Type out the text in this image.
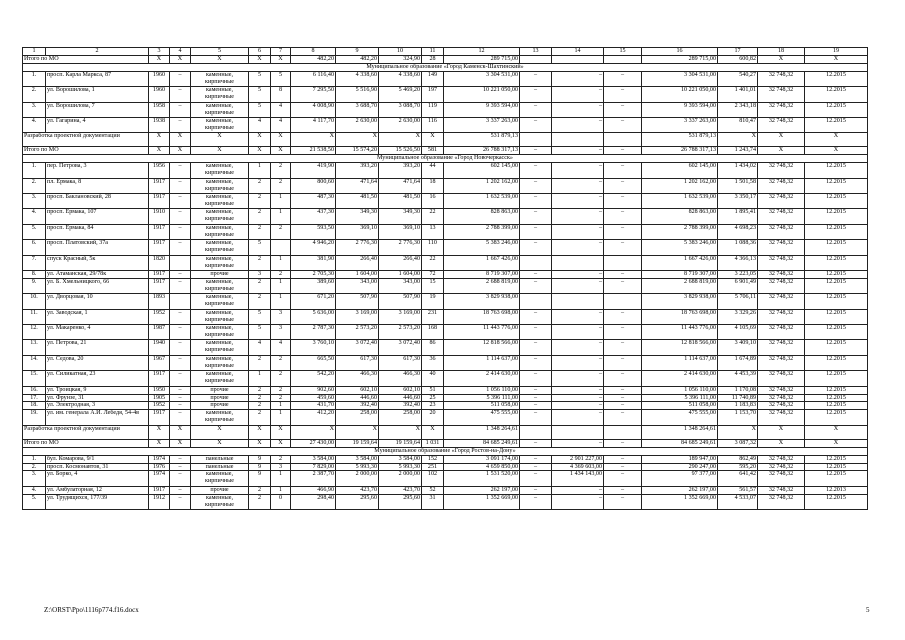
1	2	3	4	5	6	7	8	9	10	11	12	13	14	15	16	17	18	19
Итого по МО		X	X	X	X	X	482,20	482,20	324,90	28	289 715,00				289 715,00	600,82	X	X
Муниципальное образование «Город Каменск-Шахтинский»																		
1.	просп. Карла Маркса, 87	1960	–	каменные, кирпичные	5	5	6 116,40	4 338,60	4 338,60	149	3 304 531,00	–	–	–	3 304 531,00	540,27	32 748,32	12.2015
2.	ул. Ворошилова, 1	1960	–	каменные, кирпичные	5	8	7 295,50	5 516,90	5 469,20	197	10 221 050,00	–	–	–	10 221 050,00	1 401,01	32 748,32	12.2015
3.	ул. Ворошилова, 7	1958	–	каменные, кирпичные	5	4	4 008,90	3 688,70	3 088,70	119	9 393 594,00	–	–	–	9 393 594,00	2 343,18	32 748,32	12.2015
4.	ул. Гагарина, 4	1938	–	каменные, кирпичные	4	4	4 117,70	2 630,00	2 630,00	116	3 337 263,00	–	–	–	3 337 263,00	810,47	32 748,32	12.2015
Разработка проектной документации		X	X	X	X	X	X	X	X	X	531 879,13				531 879,13	X	X	X
Итого по МО		X	X	X	X	X	21 538,50	15 574,20	15 526,50	581	26 788 317,13	–	–	–	26 788 317,13	1 243,74	X	X
Муниципальное образование «Город Новочеркасск»																		
1.	пер. Петрова, 3	1956	–	каменные, кирпичные	1	2	419,90	393,20	393,20	44	602 145,00	–	–	–	602 145,00	1 434,02	32 748,32	12.2015
2.	пл. Ермака, 8	1917	–	каменные, кирпичные	2	2	800,60	471,64	471,64	18	1 202 162,00	–	–	–	1 202 162,00	1 501,58	32 748,32	12.2015
3.	просп. Баклановский, 28	1917	–	каменные, кирпичные	2	1	487,30	481,50	481,50	16	1 632 539,00	–	–	–	1 632 539,00	3 350,17	32 748,32	12.2015
4.	просп. Ермака, 107	1910	–	каменные, кирпичные	2	1	437,30	349,30	349,30	22	828 863,00	–	–	–	828 863,00	1 895,41	32 748,32	12.2015
5.	просп. Ермака, 84	1917	–	каменные, кирпичные	2	2	593,50	369,10	369,10	13	2 788 399,00	–	–	–	2 788 399,00	4 698,23	32 748,32	12.2015
6.	просп. Платовский, 37а	1917	–	каменные, кирпичные	5		4 946,20	2 776,30	2 776,30	110	5 383 246,00	–	–	–	5 383 246,00	1 088,36	32 748,32	12.2015
7.	спуск Красный, 5к	1820		каменные, кирпичные	2	1	381,90	266,40	266,40	22	1 667 426,00				1 667 426,00	4 366,13	32 748,32	12.2015
8.	ул. Атаманская, 29/78к	1917	–	прочие	3	2	2 705,30	1 604,00	1 604,00	72	8 719 307,00	–	–	–	8 719 307,00	3 223,05	32 748,32	12.2015
9.	ул. Б. Хмельницкого, 66	1917	–	каменные, кирпичные	2	1	389,60	343,00	343,00	15	2 688 819,00	–	–	–	2 688 819,00	6 901,49	32 748,32	12.2015
10.	ул. Дворцовая, 10	1893		каменные, кирпичные	2	1	671,20	507,90	507,90	19	3 829 938,00				3 829 938,00	5 706,11	32 748,32	12.2015
11.	ул. Заводская, 1	1952	–	каменные, кирпичные	5	3	5 636,00	3 169,00	3 169,00	231	18 763 698,00	–	–	–	18 763 698,00	3 329,26	32 748,32	12.2015
12.	ул. Макаренко, 4	1987	–	каменные, кирпичные	5	3	2 787,30	2 573,20	2 573,20	168	11 443 776,00	–	–	–	11 443 776,00	4 105,69	32 748,32	12.2015
13.	ул. Петрова, 21	1940	–	каменные, кирпичные	4	4	3 760,10	3 072,40	3 072,40	86	12 818 566,00	–	–	–	12 818 566,00	3 409,10	32 748,32	12.2015
14.	ул. Седова, 20	1967	–	каменные, кирпичные	2	2	665,50	617,30	617,30	36	1 114 637,00	–	–	–	1 114 637,00	1 674,89	32 748,32	12.2015
15.	ул. Силикатная, 23	1917	–	каменные, кирпичные	1	2	542,20	466,30	466,30	40	2 414 630,00	–	–	–	2 414 630,00	4 453,39	32 748,32	12.2015
16.	ул. Троицкая, 9	1950	–	прочие	2	2	902,60	602,10	602,10	51	1 056 110,00	–	–	–	1 056 110,00	1 170,08	32 748,32	12.2015
17.	ул. Фрунзе, 31	1905	–	прочие	2	2	459,60	446,60	446,60	25	5 396 111,00	–	–	–	5 396 111,00	11 740,89	32 748,32	12.2015
18.	ул. Электродная, 3	1952	–	прочие	2	1	431,70	392,40	392,40	23	511 058,00	–	–	–	511 058,00	1 183,83	32 748,32	12.2015
19.	ул. им. генерала А.И. Лебедя, 54-4в	1917	–	каменные, кирпичные	2	1	412,20	258,00	258,00	20	475 555,00	–	–	–	475 555,00	1 153,70	32 748,32	12.2015
Разработка проектной документации		X	X	X	X	X	X	X	X	X	1 348 264,61				1 348 264,61	X	X	X
Итого по МО		X	X	X	X	X	27 430,00	19 159,64	19 159,64	1 031	84 685 249,61	–	–	–	84 685 249,61	3 087,32	X	X
Муниципальное образование «Город Ростов-на-Дону»																		
1.	бул. Комарова, 9/1	1974	–	панельные	9	2	3 584,00	3 584,00	3 584,00	152	3 091 174,00	–	2 901 227,00	–	189 947,00	862,49	32 748,32	12.2015
2.	просп. Космонавтов, 31	1976	–	панельные	9	3	7 829,00	5 993,30	5 993,30	251	4 659 850,00	–	4 369 603,00	–	290 247,00	595,20	32 748,32	12.2015
3.	ул. Борко, 4	1974	–	каменные, кирпичные	9	1	2 387,70	2 000,00	2 000,00	102	1 531 520,00	–	1 434 143,00	–	97 377,00	641,42	32 748,32	12.2015
4.	ул. Амбулаторная, 12	1917	–	прочие	2	1	466,90	423,70	423,70	52	262 197,00	–	–	–	262 197,00	561,57	32 748,32	12.2013
5.	ул. Трудящихся, 177/39	1912	–	каменные, кирпичные	2	0	298,40	295,60	295,60	31	1 352 669,00	–	–	–	1 352 669,00	4 533,07	32 748,32	12.2015
Z:\ORST\Ppo\1116p774.f16.docx	5
